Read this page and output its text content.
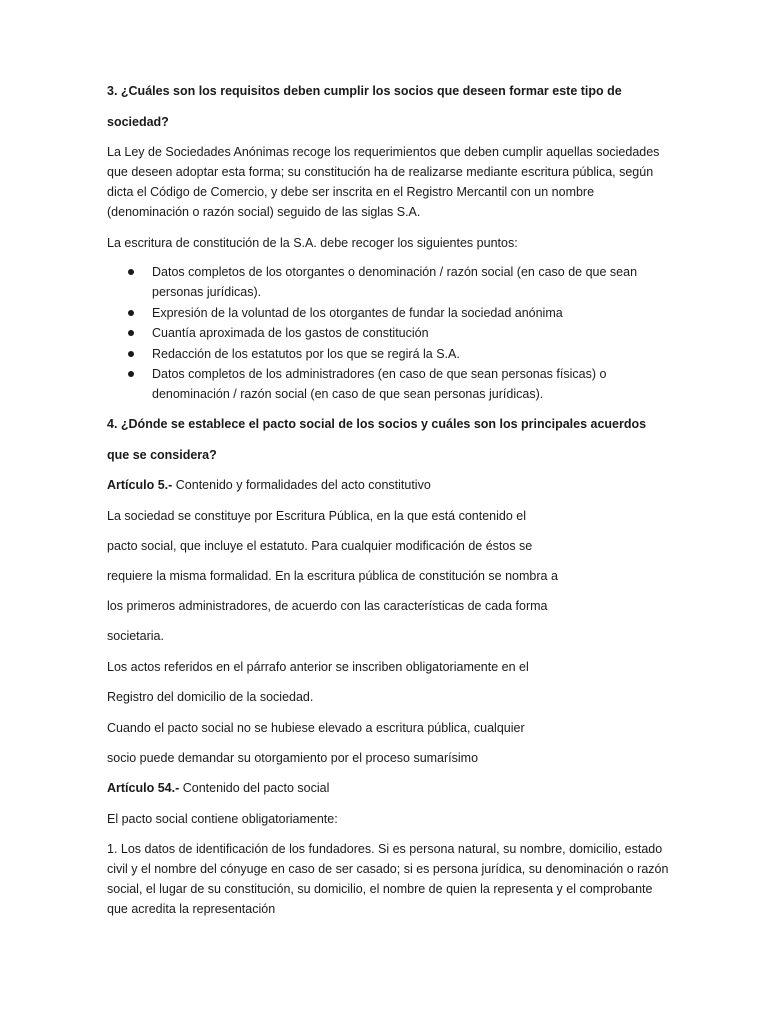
3. ¿Cuáles son los requisitos deben cumplir los socios que deseen formar este tipo de
sociedad?
La Ley de Sociedades Anónimas recoge los requerimientos que deben cumplir aquellas sociedades
que deseen adoptar esta forma; su constitución ha de realizarse mediante escritura pública, según
dicta el Código de Comercio, y debe ser inscrita en el Registro Mercantil con un nombre
(denominación o razón social) seguido de las siglas S.A.
La escritura de constitución de la S.A. debe recoger los siguientes puntos:
Datos completos de los otorgantes o denominación / razón social (en caso de que sean
personas jurídicas).
Expresión de la voluntad de los otorgantes de fundar la sociedad anónima
Cuantía aproximada de los gastos de constitución
Redacción de los estatutos por los que se regirá la S.A.
Datos completos de los administradores (en caso de que sean personas físicas) o
denominación / razón social (en caso de que sean personas jurídicas).
4. ¿Dónde se establece el pacto social de los socios y cuáles son los principales acuerdos
que se considera?
Artículo 5.- Contenido y formalidades del acto constitutivo
La sociedad se constituye por Escritura Pública, en la que está contenido el
pacto social, que incluye el estatuto. Para cualquier modificación de éstos se
requiere la misma formalidad. En la escritura pública de constitución se nombra a
los primeros administradores, de acuerdo con las características de cada forma
societaria.
Los actos referidos en el párrafo anterior se inscriben obligatoriamente en el
Registro del domicilio de la sociedad.
Cuando el pacto social no se hubiese elevado a escritura pública, cualquier
socio puede demandar su otorgamiento por el proceso sumarísimo
Artículo 54.- Contenido del pacto social
El pacto social contiene obligatoriamente:
1. Los datos de identificación de los fundadores. Si es persona natural, su nombre, domicilio, estado
civil y el nombre del cónyuge en caso de ser casado; si es persona jurídica, su denominación o razón
social, el lugar de su constitución, su domicilio, el nombre de quien la representa y el comprobante
que acredita la representación
